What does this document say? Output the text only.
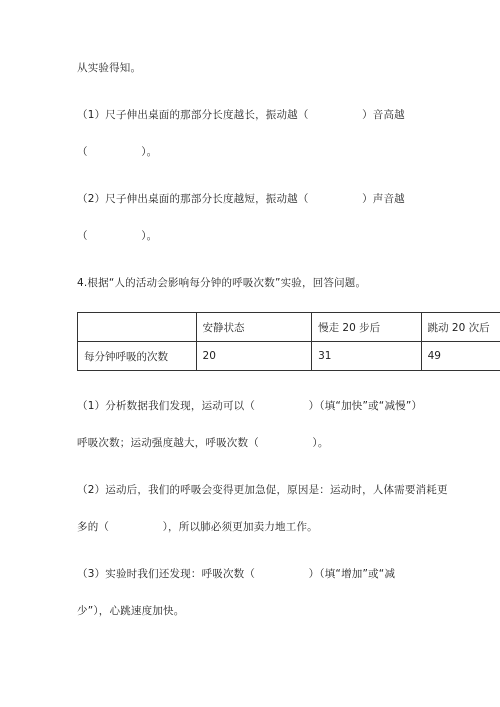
从实验得知。
（1）尺子伸出桌面的那部分长度越长，振动越（　　　　　）音高越
（　　　　　）。
（2）尺子伸出桌面的那部分长度越短，振动越（　　　　　）声音越
（　　　　　）。
4.根据“人的活动会影响每分钟的呼吸次数”实验，回答问题。
	安静状态	慢走 20 步后	跳动 20 次后
每分钟呼吸的次数	20	31	49
（1）分析数据我们发现，运动可以（　　　　　）（填“加快”或“减慢”）
呼吸次数；运动强度越大，呼吸次数（　　　　　）。
（2）运动后，我们的呼吸会变得更加急促，原因是：运动时，人体需要消耗更
多的（　　　　　），所以肺必须更加卖力地工作。
（3）实验时我们还发现：呼吸次数（　　　　　）（填“增加”或“减
少”），心跳速度加快。
